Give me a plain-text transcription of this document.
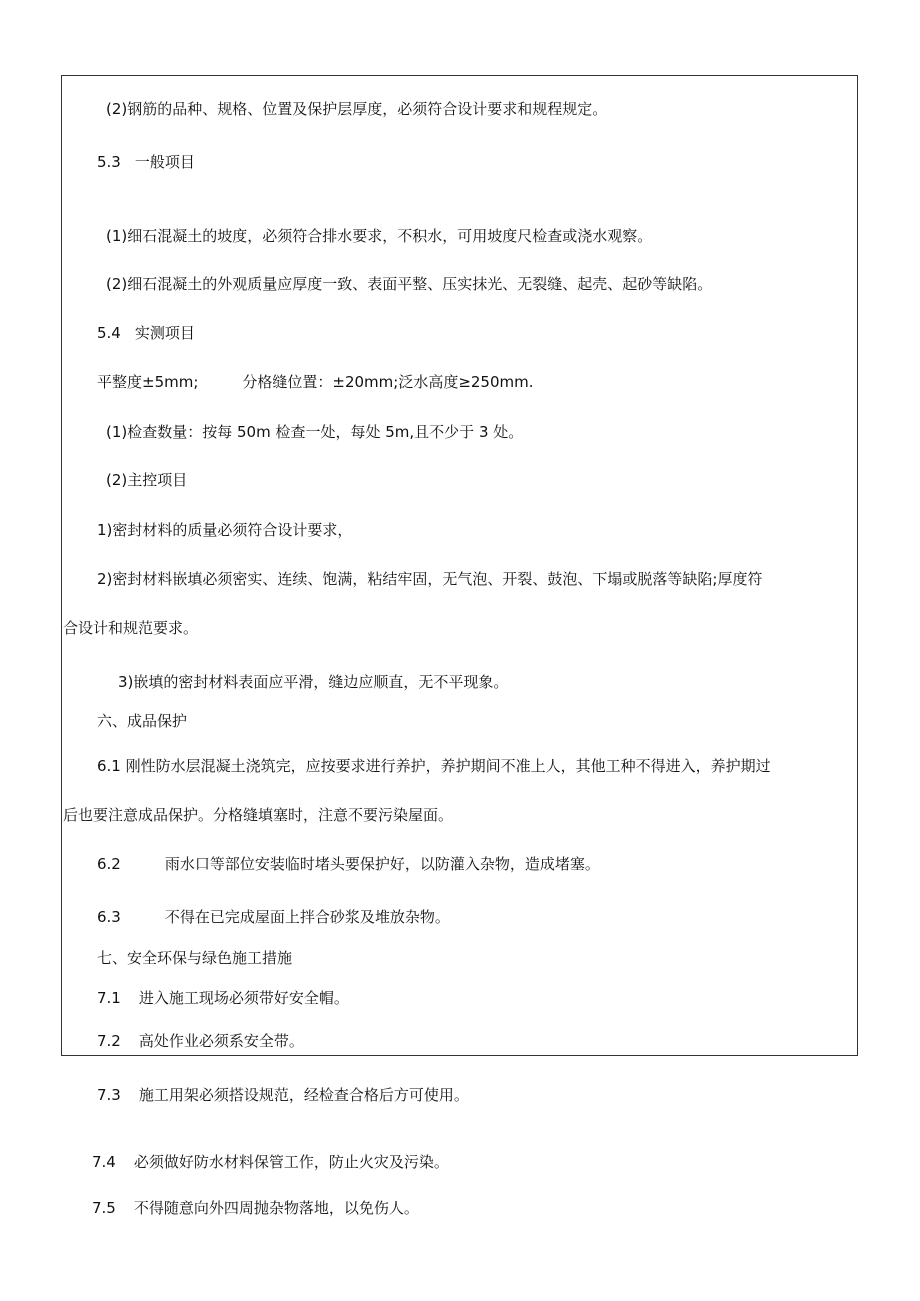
(2)钢筋的品种、规格、位置及保护层厚度，必须符合设计要求和规程规定。
5.3 一般项目
(1)细石混凝土的坡度，必须符合排水要求，不积水，可用坡度尺检查或浇水观察。
(2)细石混凝土的外观质量应厚度一致、表面平整、压实抹光、无裂缝、起壳、起砂等缺陷。
5.4 实测项目
平整度±5mm;	分格缝位置：±20mm;泛水高度≥250mm.
(1)检查数量：按每 50m 检查一处，每处 5m,且不少于 3 处。
(2)主控项目
1)密封材料的质量必须符合设计要求，
2)密封材料嵌填必须密实、连续、饱满，粘结牢固，无气泡、开裂、鼓泡、下塌或脱落等缺陷;厚度符
合设计和规范要求。
3)嵌填的密封材料表面应平滑，缝边应顺直，无不平现象。
六、成品保护
6.1 刚性防水层混凝土浇筑完，应按要求进行养护，养护期间不准上人，其他工种不得进入，养护期过
后也要注意成品保护。分格缝填塞时，注意不要污染屋面。
6.2	雨水口等部位安装临时堵头要保护好，以防灌入杂物，造成堵塞。
6.3	不得在已完成屋面上拌合砂浆及堆放杂物。
七、安全环保与绿色施工措施
7.1 进入施工现场必须带好安全帽。
7.2 高处作业必须系安全带。
7.3 施工用架必须搭设规范，经检查合格后方可使用。
7.4 必须做好防水材料保管工作，防止火灾及污染。
7.5 不得随意向外四周抛杂物落地，以免伤人。
